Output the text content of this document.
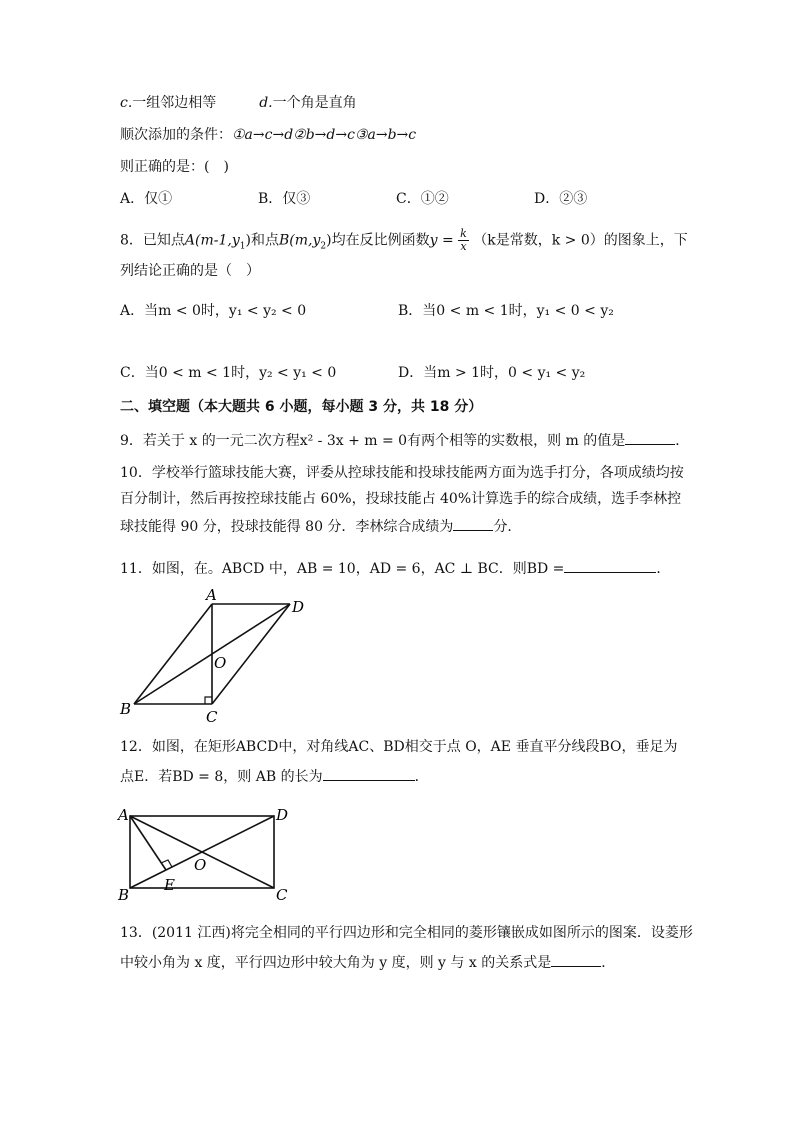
c.一组邻边相等	d.一个角是直角
顺次添加的条件：①a→c→d②b→d→c③a→b→c
则正确的是：(　)
A．仅①	B．仅③	C．①②	D．②③
8．已知点$A(m-1,y_1)$和点$B(m,y_2)$均在反比例函数$y = \frac{k}{x} (k$是常数，k > 0）的图象上，下
列结论正确的是（　）
A．当m < 0时，y₁ < y₂ < 0	B．当0 < m < 1时，y₁ < 0 < y₂
C．当0 < m < 1时，y₂ < y₁ < 0	D．当m > 1时，0 < y₁ < y₂
二、填空题（本大题共 6 小题，每小题 3 分，共 18 分）
9．若关于 x 的一元二次方程x² - 3x + m = 0有两个相等的实数根，则 m 的值是	．
10．学校举行篮球技能大赛，评委从控球技能和投球技能两方面为选手打分，各项成绩均按
百分制计，然后再按控球技能占 60%，投球技能占 40%计算选手的综合成绩，选手李林控
球技能得 90 分，投球技能得 80 分．李林综合成绩为	分．
11．如图，在。ABCD 中，AB = 10，AD = 6，AC ⊥ BC．则BD =	．
A
D
O
B	C
12．如图，在矩形ABCD中，对角线AC、BD相交于点 O，AE 垂直平分线段BO，垂足为
点E．若BD = 8，则 AB 的长为	．
A	D
O
E
B	C
13．(2011 江西)将完全相同的平行四边形和完全相同的菱形镶嵌成如图所示的图案．设菱形
中较小角为 x 度，平行四边形中较大角为 y 度，则 y 与 x 的关系式是	．
